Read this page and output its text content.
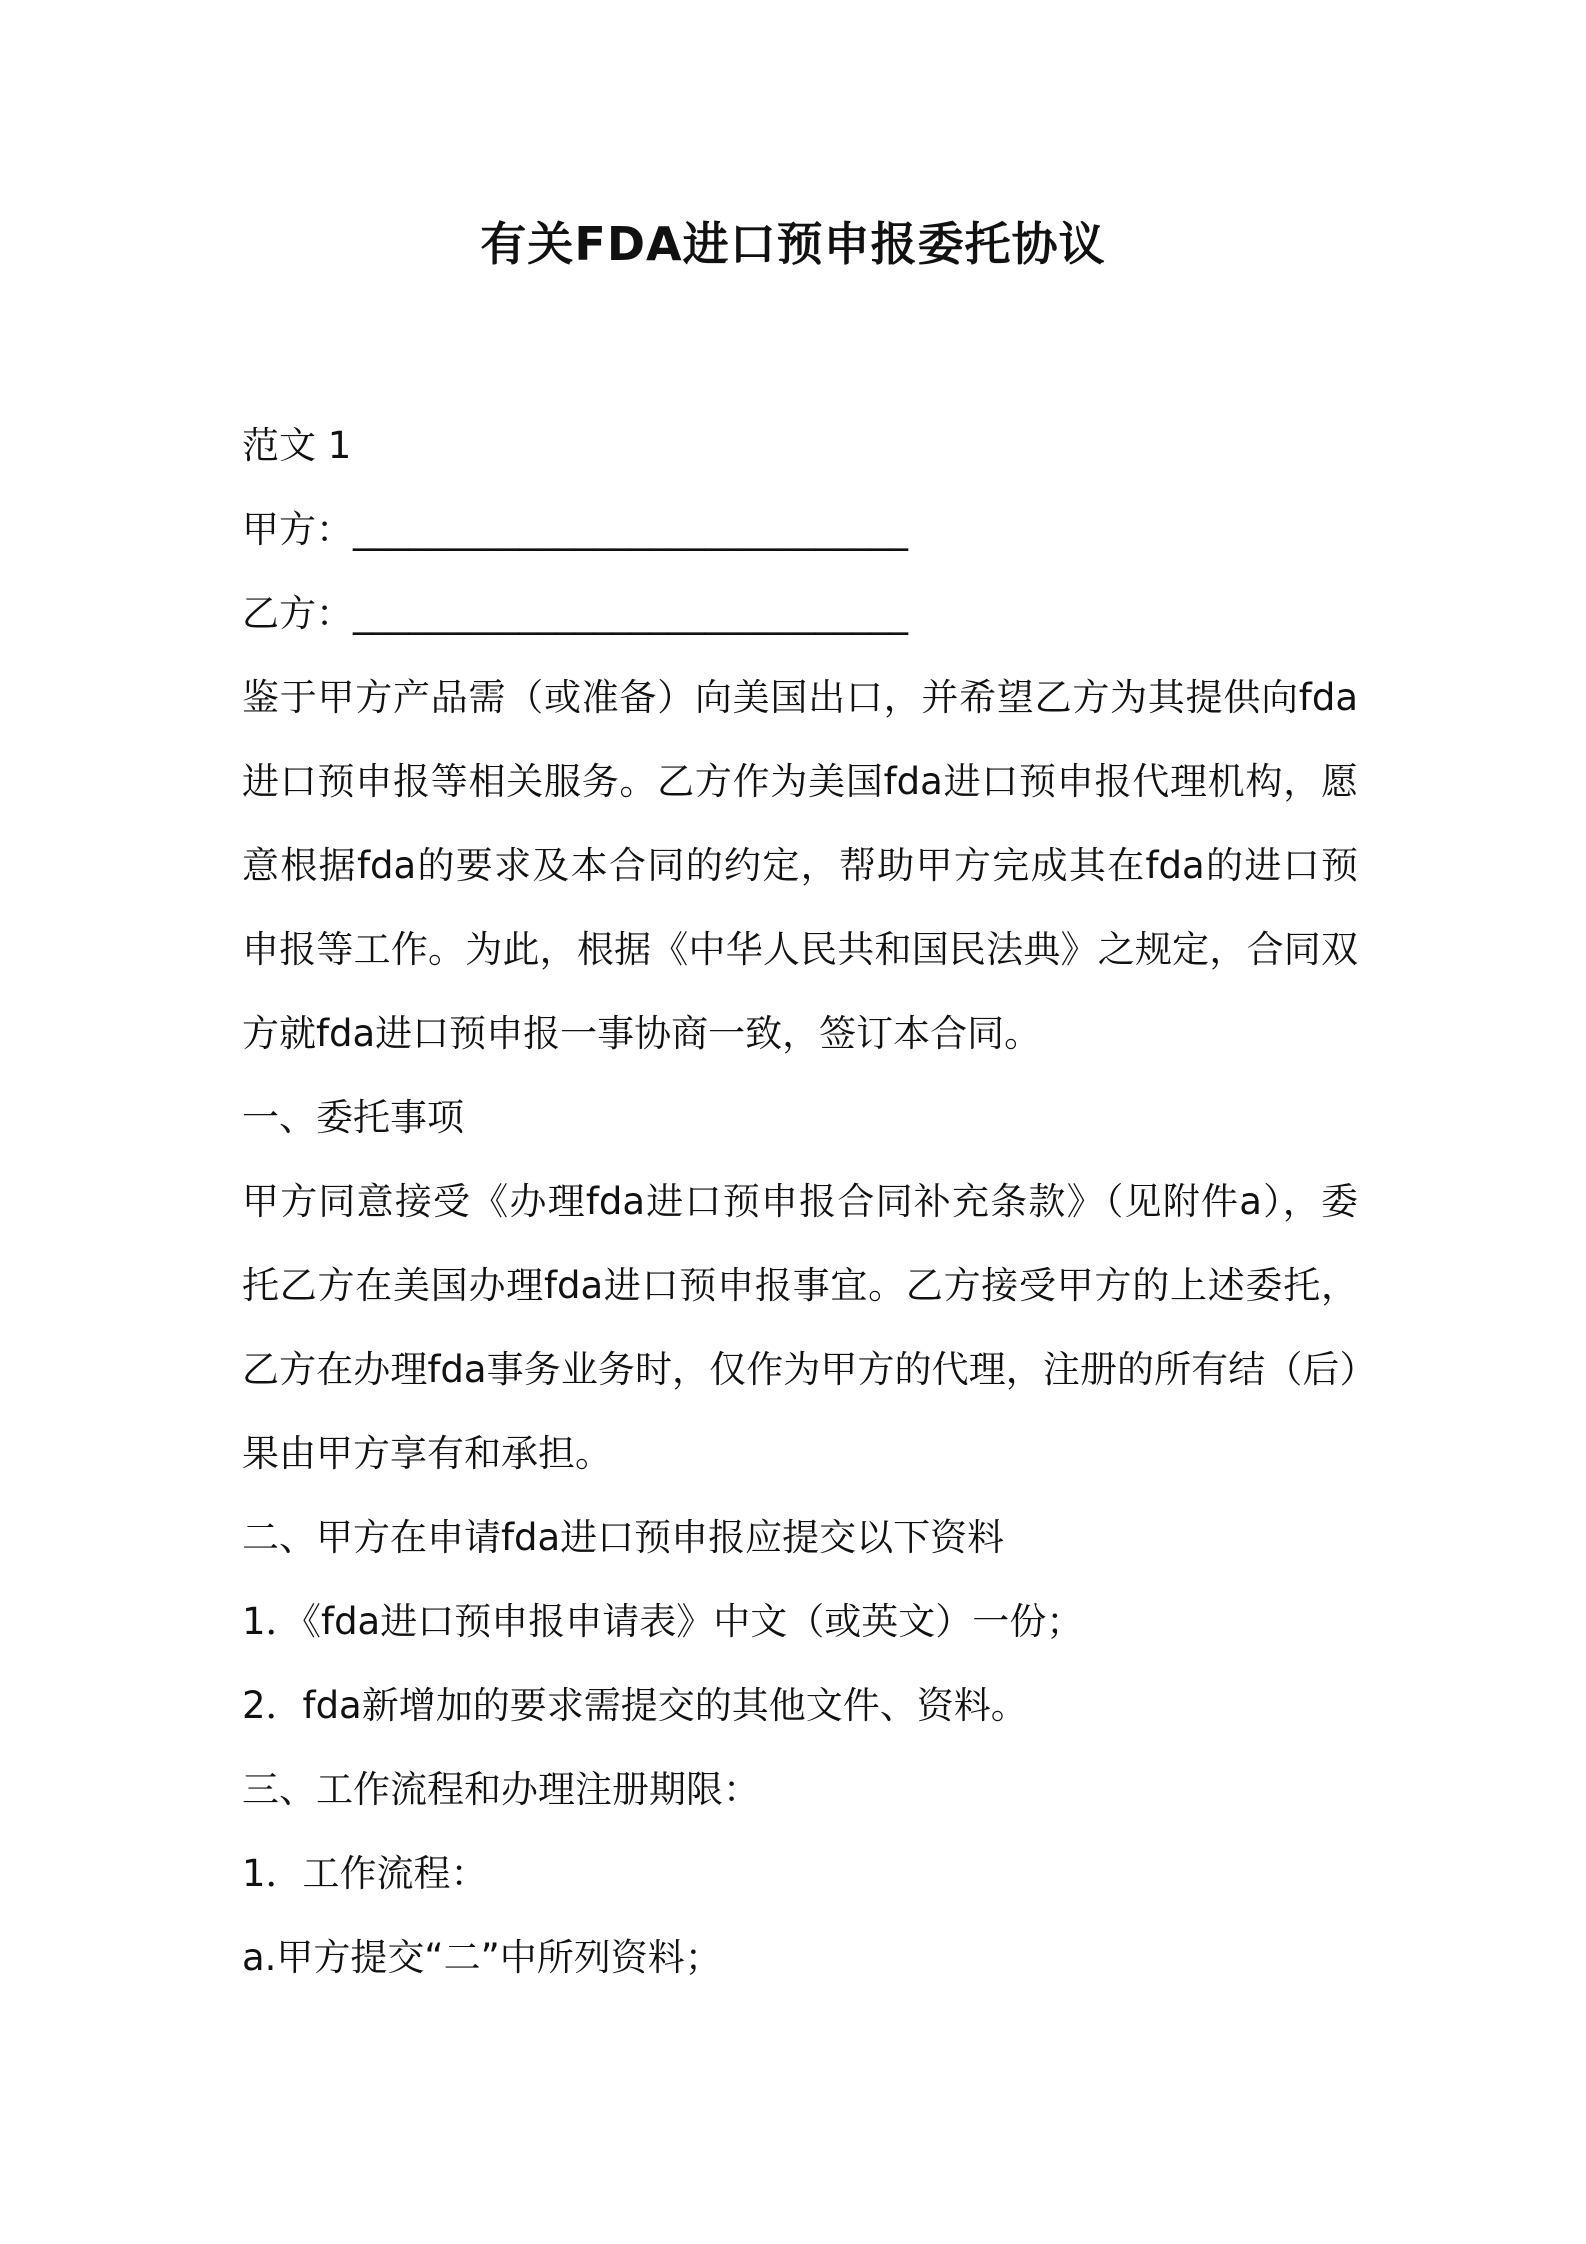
有关FDA进口预申报委托协议

范文 1

甲方：______________________________

乙方：______________________________

鉴于甲方产品需（或准备）向美国出口，并希望乙方为其提供向fda进口预申报等相关服务。乙方作为美国fda进口预申报代理机构，愿意根据fda的要求及本合同的约定，帮助甲方完成其在fda的进口预申报等工作。为此，根据《中华人民共和国民法典》之规定，合同双方就fda进口预申报一事协商一致，签订本合同。

一、委托事项

甲方同意接受《办理fda进口预申报合同补充条款》（见附件a），委托乙方在美国办理fda进口预申报事宜。乙方接受甲方的上述委托，乙方在办理fda事务业务时，仅作为甲方的代理，注册的所有结（后）果由甲方享有和承担。

二、甲方在申请fda进口预申报应提交以下资料

1．《fda进口预申报申请表》中文（或英文）一份；

2．fda新增加的要求需提交的其他文件、资料。

三、工作流程和办理注册期限：

1．工作流程：

a.甲方提交“二”中所列资料；
